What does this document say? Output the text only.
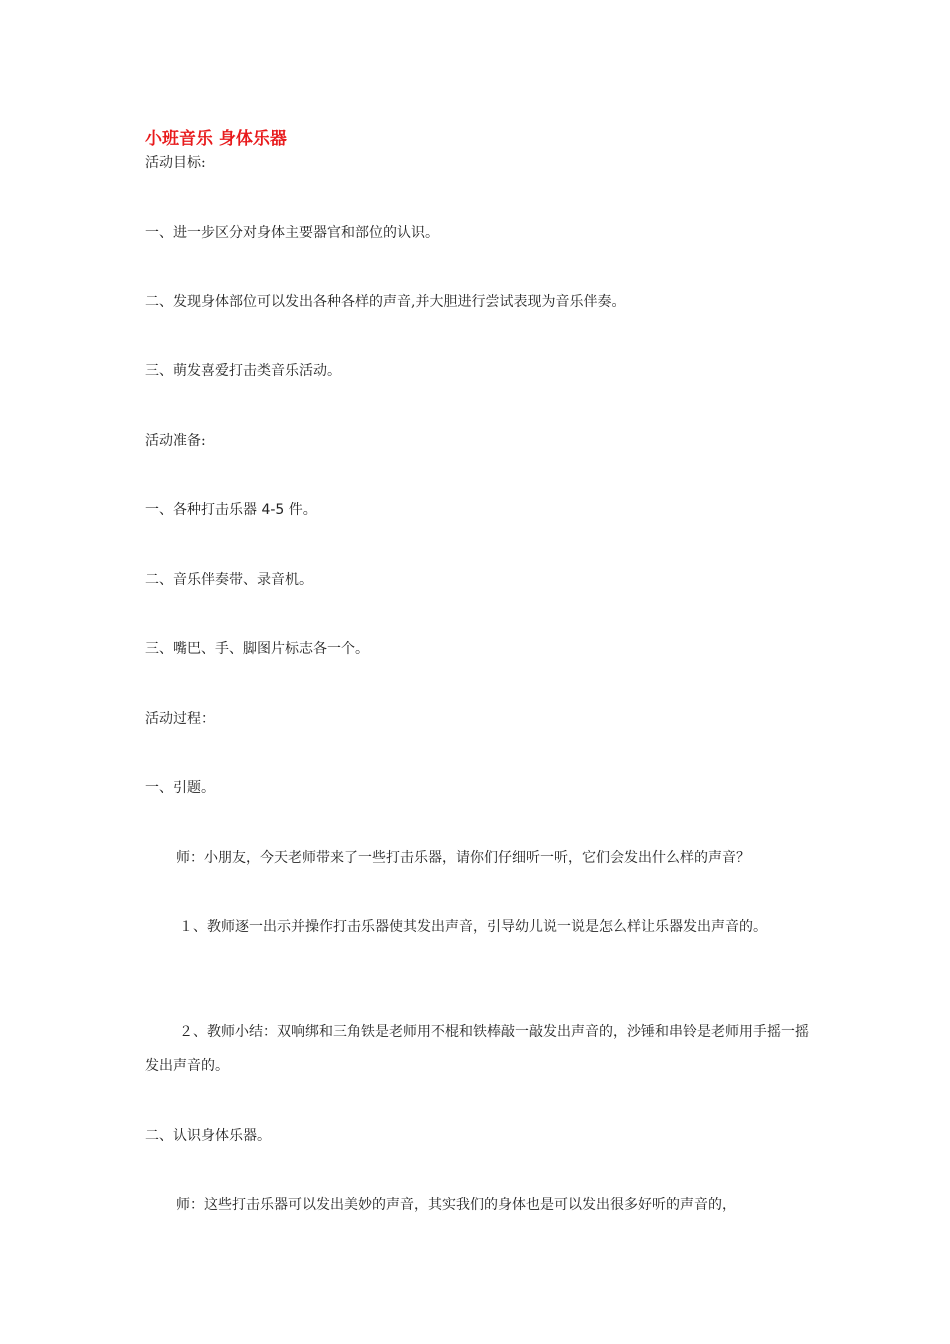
小班音乐 身体乐器
活动目标:
一、进一步区分对身体主要器官和部位的认识。
二、发现身体部位可以发出各种各样的声音,并大胆进行尝试表现为音乐伴奏。
三、萌发喜爱打击类音乐活动。
活动准备:
一、各种打击乐器 4-5 件。
二、音乐伴奏带、录音机。
三、嘴巴、手、脚图片标志各一个。
活动过程：
一、引题。
师：小朋友，今天老师带来了一些打击乐器，请你们仔细听一听，它们会发出什么样的声音？
１、教师逐一出示并操作打击乐器使其发出声音，引导幼儿说一说是怎么样让乐器发出声音的。
２、教师小结：双响绑和三角铁是老师用不棍和铁棒敲一敲发出声音的，沙锤和串铃是老师用手摇一摇发出声音的。
二、认识身体乐器。
师：这些打击乐器可以发出美妙的声音，其实我们的身体也是可以发出很多好听的声音的，
